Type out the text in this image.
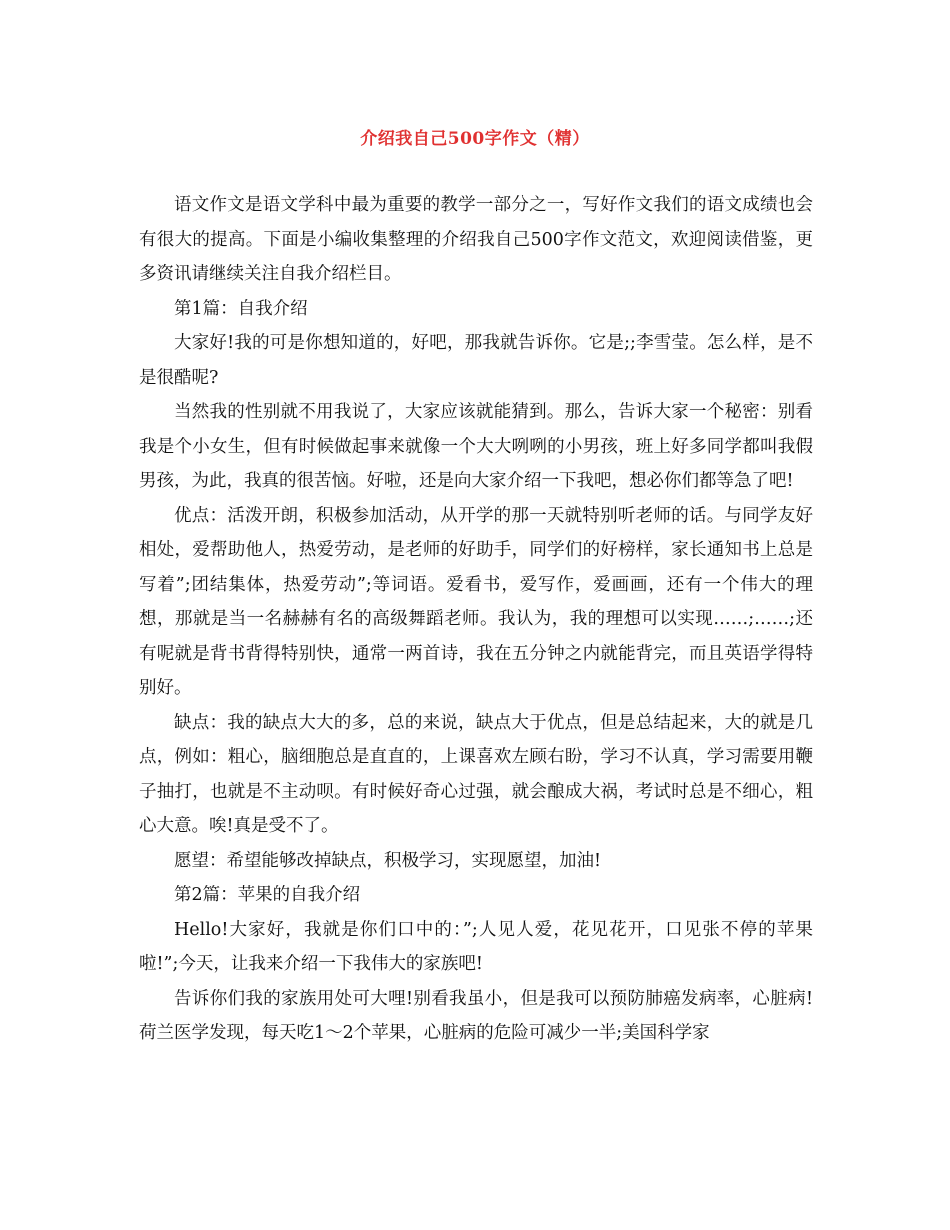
介绍我自己500字作文（精）

语文作文是语文学科中最为重要的教学一部分之一，写好作文我们的语文成绩也会有很大的提高。下面是小编收集整理的介绍我自己500字作文范文，欢迎阅读借鉴，更多资讯请继续关注自我介绍栏目。

第1篇：自我介绍

大家好!我的可是你想知道的，好吧，那我就告诉你。它是;;李雪莹。怎么样，是不是很酷呢?

当然我的性别就不用我说了，大家应该就能猜到。那么，告诉大家一个秘密：别看我是个小女生，但有时候做起事来就像一个大大咧咧的小男孩，班上好多同学都叫我假男孩，为此，我真的很苦恼。好啦，还是向大家介绍一下我吧，想必你们都等急了吧!

优点：活泼开朗，积极参加活动，从开学的那一天就特别听老师的话。与同学友好相处，爱帮助他人，热爱劳动，是老师的好助手，同学们的好榜样，家长通知书上总是写着”;团结集体，热爱劳动”;等词语。爱看书，爱写作，爱画画，还有一个伟大的理想，那就是当一名赫赫有名的高级舞蹈老师。我认为，我的理想可以实现……;……;还有呢就是背书背得特别快，通常一两首诗，我在五分钟之内就能背完，而且英语学得特别好。

缺点：我的缺点大大的多，总的来说，缺点大于优点，但是总结起来，大的就是几点，例如：粗心，脑细胞总是直直的，上课喜欢左顾右盼，学习不认真，学习需要用鞭子抽打，也就是不主动呗。有时候好奇心过强，就会酿成大祸，考试时总是不细心，粗心大意。唉!真是受不了。

愿望：希望能够改掉缺点，积极学习，实现愿望，加油!

第2篇：苹果的自我介绍

Hello!大家好，我就是你们口中的：”;人见人爱，花见花开，口见张不停的苹果啦!”;今天，让我来介绍一下我伟大的家族吧!

告诉你们我的家族用处可大哩!别看我虽小，但是我可以预防肺癌发病率，心脏病!荷兰医学发现，每天吃1～2个苹果，心脏病的危险可减少一半;美国科学家
